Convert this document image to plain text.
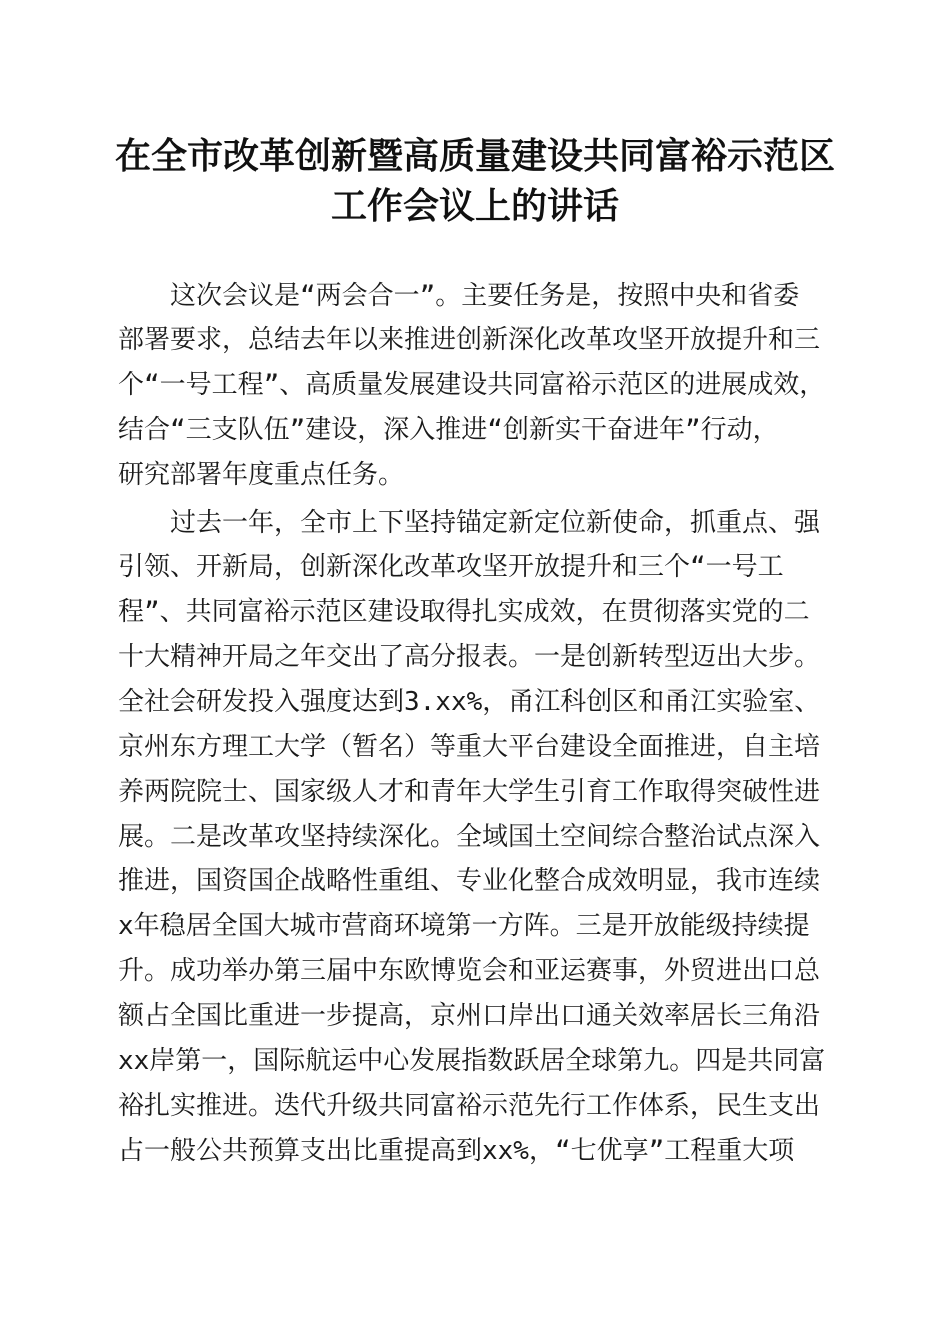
在全市改革创新暨高质量建设共同富裕示范区
工作会议上的讲话
这次会议是“两会合一”。主要任务是，按照中央和省委
部署要求，总结去年以来推进创新深化改革攻坚开放提升和三
个“一号工程”、高质量发展建设共同富裕示范区的进展成效，
结合“三支队伍”建设，深入推进“创新实干奋进年”行动，
研究部署年度重点任务。
过去一年，全市上下坚持锚定新定位新使命，抓重点、强
引领、开新局，创新深化改革攻坚开放提升和三个“一号工
程”、共同富裕示范区建设取得扎实成效，在贯彻落实党的二
十大精神开局之年交出了高分报表。一是创新转型迈出大步。
全社会研发投入强度达到3.xx%，甬江科创区和甬江实验室、
京州东方理工大学（暂名）等重大平台建设全面推进，自主培
养两院院士、国家级人才和青年大学生引育工作取得突破性进
展。二是改革攻坚持续深化。全域国土空间综合整治试点深入
推进，国资国企战略性重组、专业化整合成效明显，我市连续
x年稳居全国大城市营商环境第一方阵。三是开放能级持续提
升。成功举办第三届中东欧博览会和亚运赛事，外贸进出口总
额占全国比重进一步提高，京州口岸出口通关效率居长三角沿
xx岸第一，国际航运中心发展指数跃居全球第九。四是共同富
裕扎实推进。迭代升级共同富裕示范先行工作体系，民生支出
占一般公共预算支出比重提高到xx%，“七优享”工程重大项
